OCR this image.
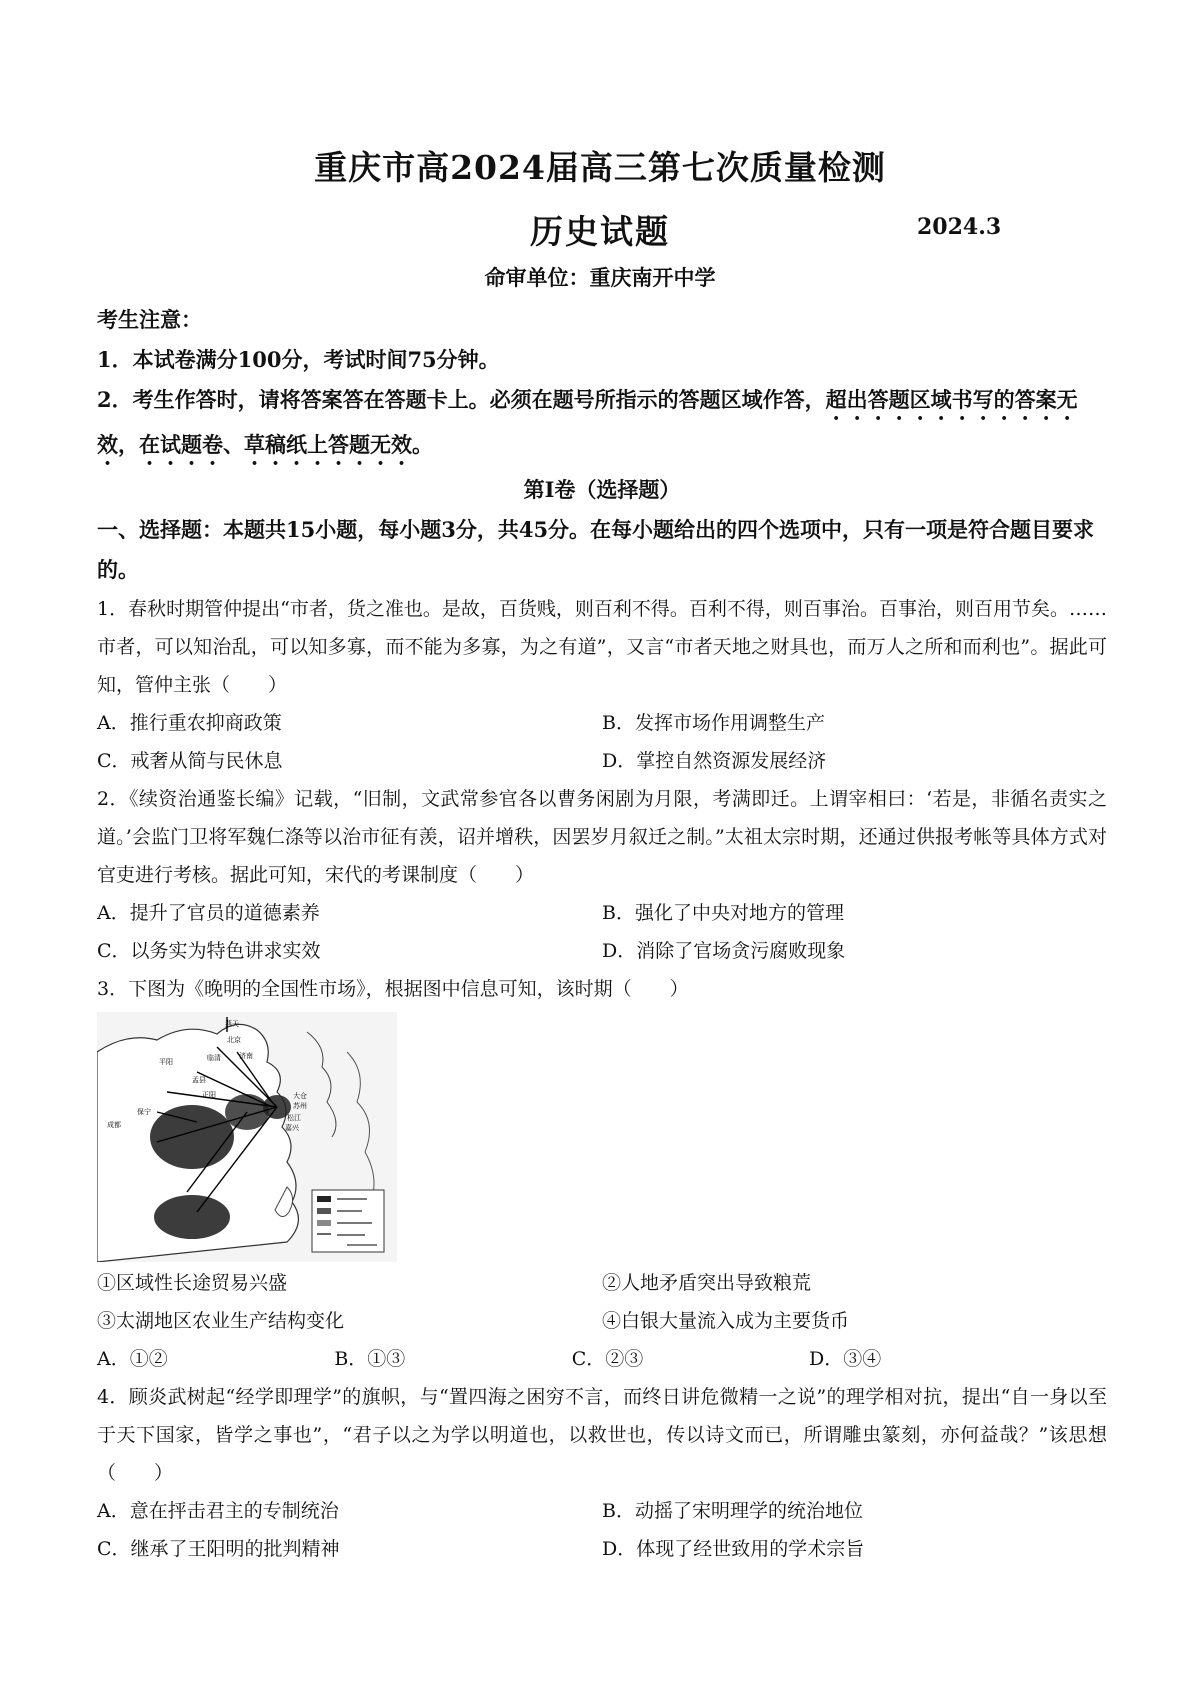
重庆市高2024届高三第七次质量检测
历史试题	2024.3
命审单位：重庆南开中学
考生注意：
1．本试卷满分100分，考试时间75分钟。
2．考生作答时，请将答案答在答题卡上。必须在题号所指示的答题区域作答，超出答题区域书写的答案无效，在试题卷、草稿纸上答题无效。
第Ⅰ卷（选择题）
一、选择题：本题共15小题，每小题3分，共45分。在每小题给出的四个选项中，只有一项是符合题目要求的。

1．春秋时期管仲提出“市者，货之准也。是故，百货贱，则百利不得。百利不得，则百事治。百事治，则百用节矣。……市者，可以知治乱，可以知多寡，而不能为多寡，为之有道”，又言“市者天地之财具也，而万人之所和而利也”。据此可知，管仲主张（　　）

A．推行重农抑商政策	B．发挥市场作用调整生产
C．戒奢从简与民休息	D．掌控自然资源发展经济

2．《续资治通鉴长编》记载，“旧制，文武常参官各以曹务闲剧为月限，考满即迁。上谓宰相曰：‘若是，非循名责实之道。’会监门卫将军魏仁涤等以治市征有羡，诏并增秩，因罢岁月叙迁之制。”太祖太宗时期，还通过供报考帐等具体方式对官吏进行考核。据此可知，宋代的考课制度（　　）

A．提升了官员的道德素养	B．强化了中央对地方的管理
C．以务实为特色讲求实效	D．消除了官场贪污腐败现象

3．下图为《晚明的全国性市场》，根据图中信息可知，该时期（　　）

燕天
北京
平阳	临清	济南
正阳
孟县
大仓
苏州
松江
嘉兴
成都
保宁
①区域性长途贸易兴盛	②人地矛盾突出导致粮荒
③太湖地区农业生产结构变化	④白银大量流入成为主要货币
A．①②	B．①③	C．②③	D．③④

4．顾炎武树起“经学即理学”的旗帜，与“置四海之困穷不言，而终日讲危微精一之说”的理学相对抗，提出“自一身以至于天下国家，皆学之事也”，“君子以之为学以明道也，以救世也，传以诗文而已，所谓雕虫篆刻，亦何益哉？”该思想（　　）

A．意在抨击君主的专制统治	B．动摇了宋明理学的统治地位
C．继承了王阳明的批判精神	D．体现了经世致用的学术宗旨
